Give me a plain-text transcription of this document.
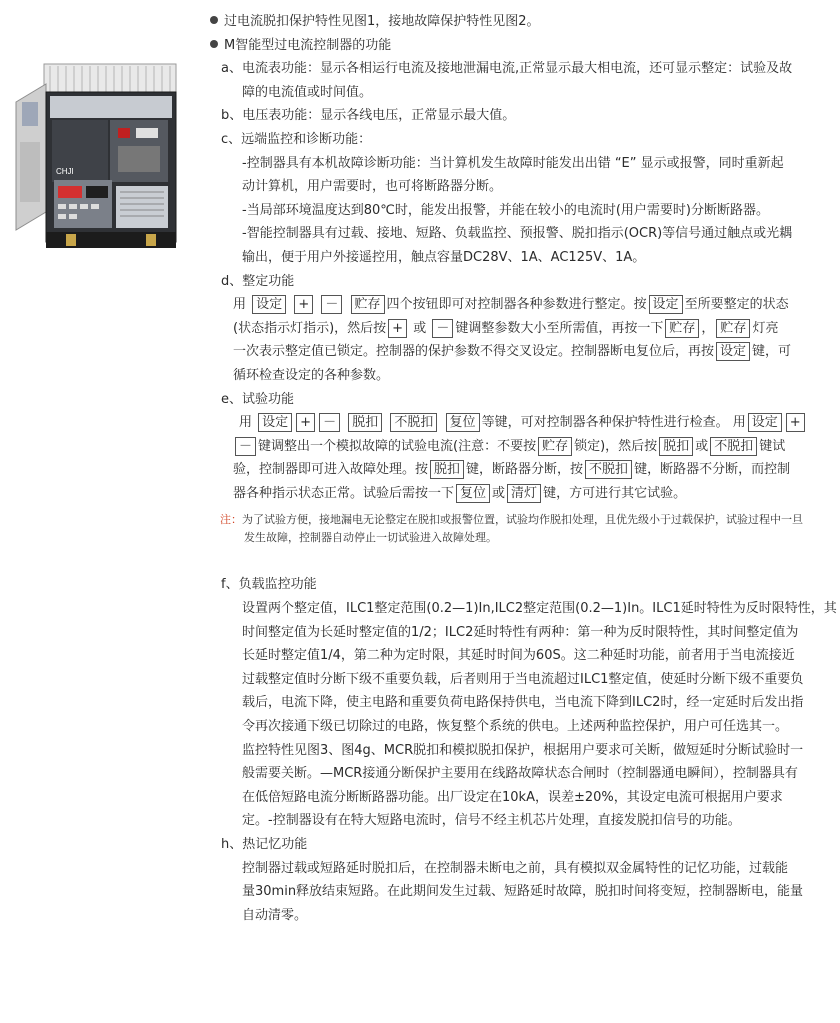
CHJI
过电流脱扣保护特性见图1，接地故障保护特性见图2。
M智能型过电流控制器的功能
a、电流表功能：显示各相运行电流及接地泄漏电流,正常显示最大相电流，还可显示整定：试验及故
障的电流值或时间值。
b、电压表功能：显示各线电压，正常显示最大值。
c、远端监控和诊断功能：
-控制器具有本机故障诊断功能：当计算机发生故障时能发出出错 “E” 显示或报警，同时重新起
动计算机，用户需要时，也可将断路器分断。
-当局部环境温度达到80℃时，能发出报警，并能在较小的电流时(用户需要时)分断断路器。
-智能控制器具有过载、接地、短路、负载监控、预报警、脱扣指示(OCR)等信号通过触点或光耦
输出，便于用户外接遥控用，触点容量DC28V、1A、AC125V、1A。
d、整定功能
用 设定 + － 贮存 四个按钮即可对控制器各种参数进行整定。按 设定 至所要整定的状态
(状态指示灯指示)，然后按 + 或 － 键调整参数大小至所需值，再按一下 贮存 ， 贮存 灯亮
一次表示整定值已锁定。控制器的保护参数不得交叉设定。控制器断电复位后，再按 设定 键，可
循环检查设定的各种参数。
e、试验功能
用 设定 + － 脱扣 不脱扣 复位 等键，可对控制器各种保护特性进行检查。 用 设定 +
－ 键调整出一个模拟故障的试验电流(注意：不要按 贮存 锁定)，然后按 脱扣 或 不脱扣 键试
验，控制器即可进入故障处理。按 脱扣 键，断路器分断，按 不脱扣 键，断路器不分断，而控制
器各种指示状态正常。试验后需按一下 复位 或 清灯 键，方可进行其它试验。
注：为了试验方便，接地漏电无论整定在脱扣或报警位置，试验均作脱扣处理，且优先级小于过载保护，试验过程中一旦
发生故障，控制器自动停止一切试验进入故障处理。
f、负载监控功能
设置两个整定值，ILC1整定范围(0.2—1)In,ILC2整定范围(0.2—1)In。ILC1延时特性为反时限特性，其
时间整定值为长延时整定值的1/2；ILC2延时特性有两种：第一种为反时限特性，其时间整定值为
长延时整定值1/4，第二种为定时限，其延时时间为60S。这二种延时功能，前者用于当电流接近
过载整定值时分断下级不重要负载，后者则用于当电流超过ILC1整定值，使延时分断下级不重要负
载后，电流下降，使主电路和重要负荷电路保持供电，当电流下降到ILC2时，经一定延时后发出指
令再次接通下级已切除过的电路，恢复整个系统的供电。上述两种监控保护，用户可任选其一。
监控特性见图3、图4g、MCR脱扣和模拟脱扣保护，根据用户要求可关断，做短延时分断试验时一
般需要关断。—MCR接通分断保护主要用在线路故障状态合闸时（控制器通电瞬间），控制器具有
在低倍短路电流分断断路器功能。出厂设定在10kA，误差±20%，其设定电流可根据用户要求
定。-控制器设有在特大短路电流时，信号不经主机芯片处理，直接发脱扣信号的功能。
h、热记忆功能
控制器过载或短路延时脱扣后，在控制器未断电之前，具有模拟双金属特性的记忆功能，过载能
量30min释放结束短路。在此期间发生过载、短路延时故障，脱扣时间将变短，控制器断电，能量
自动清零。
